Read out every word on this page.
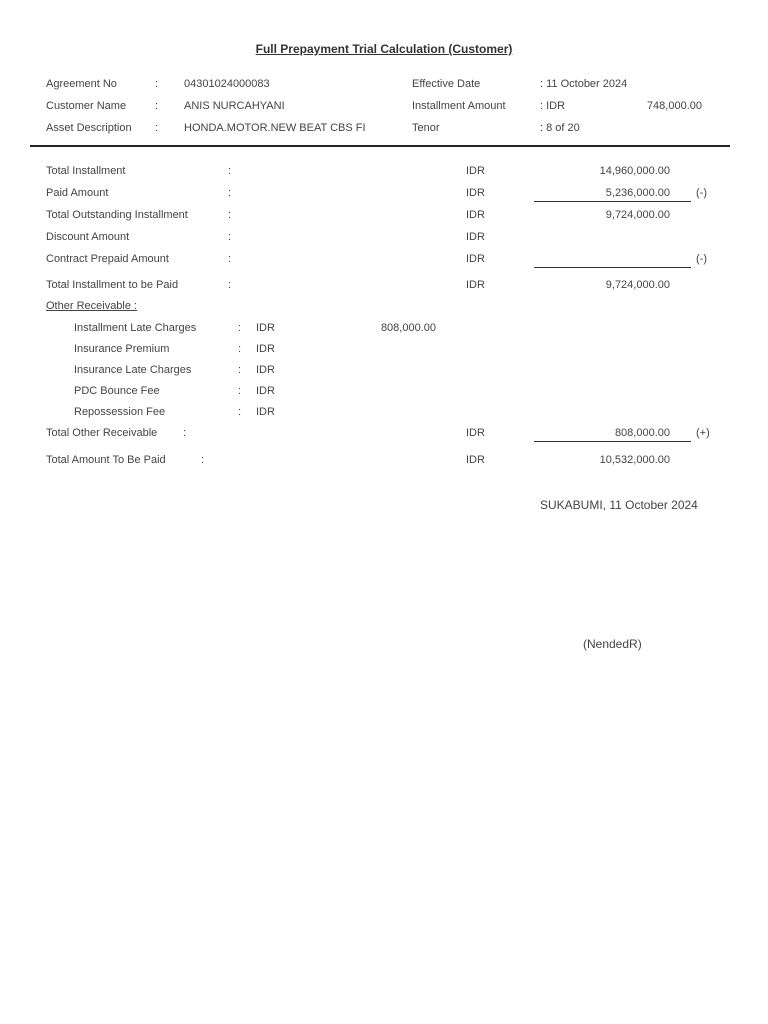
Full Prepayment Trial Calculation (Customer)
Agreement No	: 04301024000083	Effective Date	: 11 October 2024
Customer Name	: ANIS NURCAHYANI	Installment Amount	: IDR	748,000.00
Asset Description : HONDA.MOTOR.NEW BEAT CBS FI	Tenor	: 8 of 20
Total Installment	:	IDR	14,960,000.00
Paid Amount	:	IDR	5,236,000.00 (-)
Total Outstanding Installment	:	IDR	9,724,000.00
Discount Amount	:	IDR
Contract Prepaid Amount	:	IDR	(-)
Total Installment to be Paid	:	IDR	9,724,000.00
Other Receivable :
Installment Late Charges	: IDR	808,000.00
Insurance Premium	: IDR
Insurance Late Charges	: IDR
PDC Bounce Fee	: IDR
Repossession Fee	: IDR
Total Other Receivable :	IDR	808,000.00 (+)
Total Amount To Be Paid	:	IDR	10,532,000.00
SUKABUMI, 11 October 2024
(NendedR)
